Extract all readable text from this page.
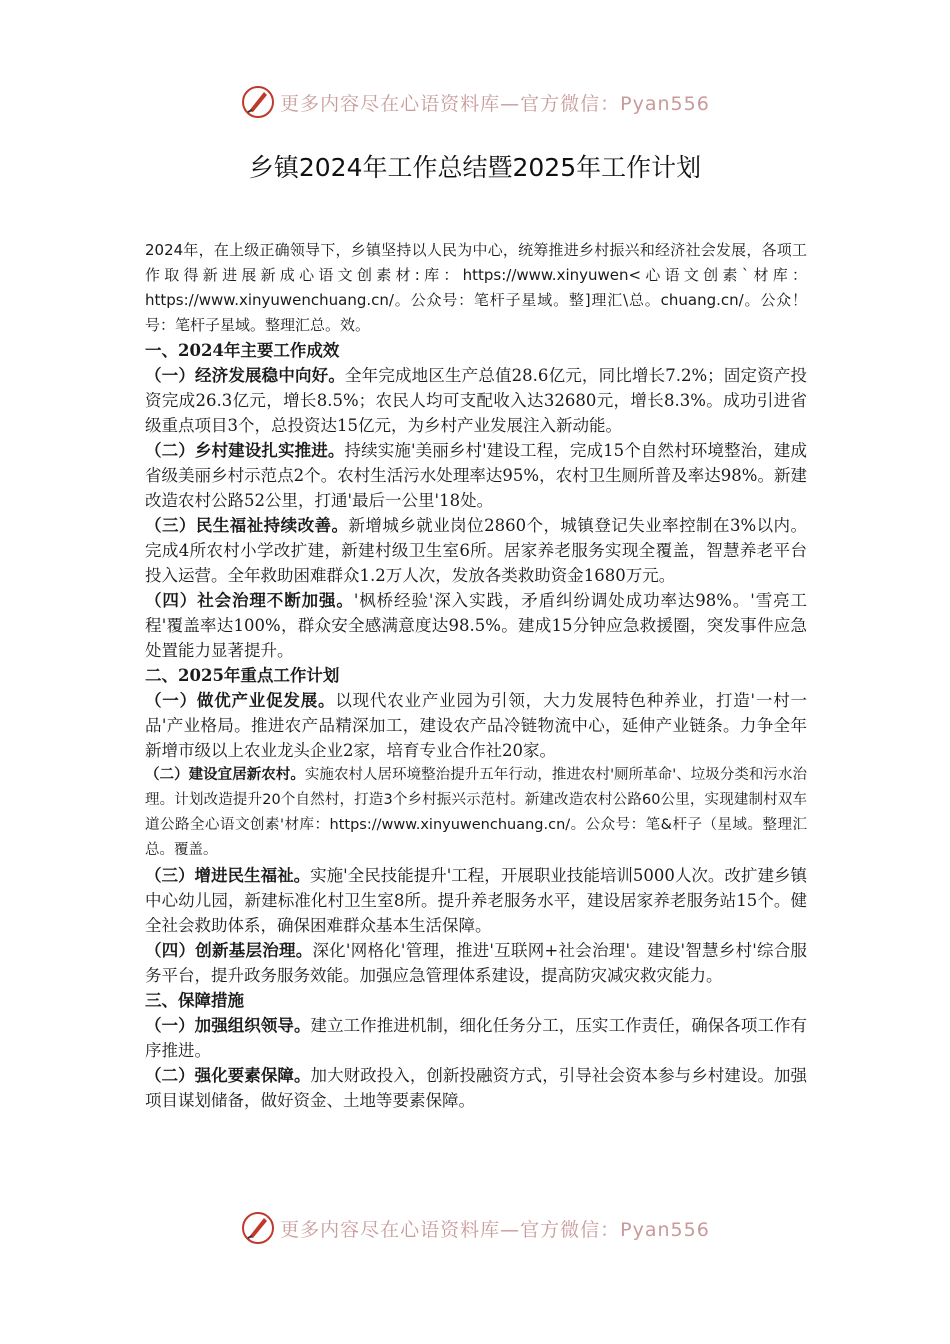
更多内容尽在心语资料库—官方微信：Pyan556
乡镇2024年工作总结暨2025年工作计划

2024年，在上级正确领导下，乡镇坚持以人民为中心，统筹推进乡村振兴和经济社会发展，各项工作取得新进展新成心语文创素材:库：https://www.xinyuwen<心语文创素`材库：https://www.xinyuwenchuang.cn/。公众号：笔杆子星域。整]理汇\总。chuang.cn/。公众！号：笔杆子星域。整理汇总。效。

一、2024年主要工作成效

（一）经济发展稳中向好。全年完成地区生产总值28.6亿元，同比增长7.2%；固定资产投资完成26.3亿元，增长8.5%；农民人均可支配收入达32680元，增长8.3%。成功引进省级重点项目3个，总投资达15亿元，为乡村产业发展注入新动能。

（二）乡村建设扎实推进。持续实施'美丽乡村'建设工程，完成15个自然村环境整治，建成省级美丽乡村示范点2个。农村生活污水处理率达95%，农村卫生厕所普及率达98%。新建改造农村公路52公里，打通'最后一公里'18处。

（三）民生福祉持续改善。新增城乡就业岗位2860个，城镇登记失业率控制在3%以内。完成4所农村小学改扩建，新建村级卫生室6所。居家养老服务实现全覆盖，智慧养老平台投入运营。全年救助困难群众1.2万人次，发放各类救助资金1680万元。

（四）社会治理不断加强。'枫桥经验'深入实践，矛盾纠纷调处成功率达98%。'雪亮工程'覆盖率达100%，群众安全感满意度达98.5%。建成15分钟应急救援圈，突发事件应急处置能力显著提升。

二、2025年重点工作计划

（一）做优产业促发展。以现代农业产业园为引领，大力发展特色种养业，打造'一村一品'产业格局。推进农产品精深加工，建设农产品冷链物流中心，延伸产业链条。力争全年新增市级以上农业龙头企业2家，培育专业合作社20家。

（二）建设宜居新农村。实施农村人居环境整治提升五年行动，推进农村'厕所革命'、垃圾分类和污水治理。计划改造提升20个自然村，打造3个乡村振兴示范村。新建改造农村公路60公里，实现建制村双车道公路全心语文创素'材库：https://www.xinyuwenchuang.cn/。公众号：笔&杆子（星域。整理汇总。覆盖。

（三）增进民生福祉。实施'全民技能提升'工程，开展职业技能培训5000人次。改扩建乡镇中心幼儿园，新建标准化村卫生室8所。提升养老服务水平，建设居家养老服务站15个。健全社会救助体系，确保困难群众基本生活保障。

（四）创新基层治理。深化'网格化'管理，推进'互联网+社会治理'。建设'智慧乡村'综合服务平台，提升政务服务效能。加强应急管理体系建设，提高防灾减灾救灾能力。

三、保障措施

（一）加强组织领导。建立工作推进机制，细化任务分工，压实工作责任，确保各项工作有序推进。

（二）强化要素保障。加大财政投入，创新投融资方式，引导社会资本参与乡村建设。加强项目谋划储备，做好资金、土地等要素保障。

更多内容尽在心语资料库—官方微信：Pyan556
